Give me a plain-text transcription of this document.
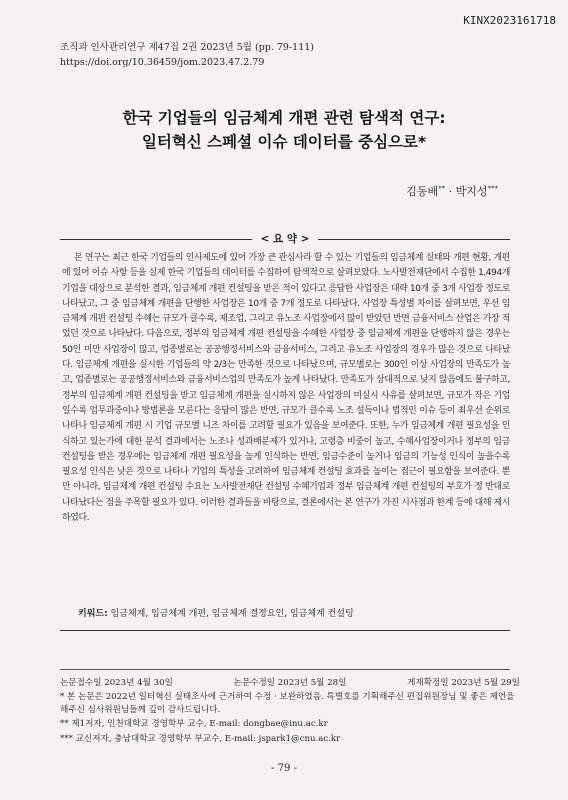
KINX2023161718
조직과 인사관리연구 제47집 2권 2023년 5월 (pp. 79-111)
https://doi.org/10.36459/jom.2023.47.2.79
한국 기업들의 임금체계 개편 관련 탐색적 연구:
일터혁신 스페셜 이슈 데이터를 중심으로*
김동배** · 박지성***
< 요 약 >

본 연구는 최근 한국 기업들의 인사제도에 있어 가장 큰 관심사라 할 수 있는 기업들의 임금체계 실태와 개편 현황, 개편에 있어 이슈 사항 등을 실제 한국 기업들의 데이터를 수집하여 탐색적으로 살펴보았다. 노사발전재단에서 수집한 1,494개 기업을 대상으로 분석한 결과, 임금체계 개편 컨설팅을 받은 적이 있다고 응답한 사업장은 대략 10개 중 3개 사업장 정도로 나타났고, 그 중 임금체계 개편을 단행한 사업장은 10개 중 7개 정도로 나타났다. 사업장 특성별 차이를 살펴보면, 우선 임금체계 개편 컨설팅 수혜는 규모가 클수록, 제조업, 그리고 유노조 사업장에서 많이 받았던 반면 금융서비스 산업은 가장 적었던 것으로 나타났다. 다음으로, 정부의 임금체계 개편 컨설팅을 수혜한 사업장 중 임금체계 개편을 단행하지 않은 경우는 50인 미만 사업장이 많고, 업종별로는 공공행정서비스와 금융서비스, 그리고 유노조 사업장의 경우가 많은 것으로 나타났다. 임금체계 개편을 실시한 기업들의 약 2/3는 만족한 것으로 나타났으며, 규모별로는 300인 이상 사업장의 만족도가 높고, 업종별로는 공공행정서비스와 금융서비스업의 만족도가 높게 나타났다. 만족도가 상대적으로 낮지 않음에도 불구하고, 정부의 임금체계 개편 컨설팅을 받고 임금체계 개편을 실시하지 않은 사업장의 미실시 사유를 살펴보면, 규모가 작은 기업일수록 업무과중이나 방법론을 모른다는 응답이 많은 반면, 규모가 클수록 노조 설득이나 법적인 이슈 등이 최우선 순위로 나타나 임금체계 개편 시 기업 규모별 니즈 차이를 고려할 필요가 있음을 보여준다. 또한, 누가 임금체계 개편 필요성을 인식하고 있는가에 대한 분석 결과에서는 노조나 성과배분제가 있거나, 고령층 비중이 높고, 수혜사업장이거나 정부의 임금컨설팅을 받은 경우에는 임금체계 개편 필요성을 높게 인식하는 반면, 임금수준이 높거나 임금의 기능성 인식이 높을수록 필요성 인식은 낮은 것으로 나타나 기업의 특성을 고려하여 임금체계 컨설팅 효과를 높이는 접근이 필요함을 보여준다. 뿐만 아니라, 임금체계 개편 컨설팅 수요는 노사발전재단 컨설팅 수혜기업과 정부 임금체계 개편 컨설팅의 부호가 정 반대로 나타났다는 점을 주목할 필요가 있다. 이러한 결과들을 바탕으로, 결론에서는 본 연구가 가진 시사점과 한계 등에 대해 제시하였다.

키워드: 임금체계, 임금체계 개편, 임금체계 결정요인, 임금체계 컨설팅
논문접수일 2023년 4월 30일	논문수정일 2023년 5월 28일	게재확정일 2023년 5월 29일
* 본 논문은 2022년 일터혁신 실태조사에 근거하여 수정 · 보완하였음. 특별호를 기획해주신 편집위원장님 및 좋은 제언을 해주신 심사위원님들께 깊이 감사드립니다.
** 제1저자, 인천대학교 경영학부 교수, E-mail: dongbae@inu.ac.kr
*** 교신저자, 충남대학교 경영학부 부교수, E-mail: jspark1@cnu.ac.kr
- 79 -
